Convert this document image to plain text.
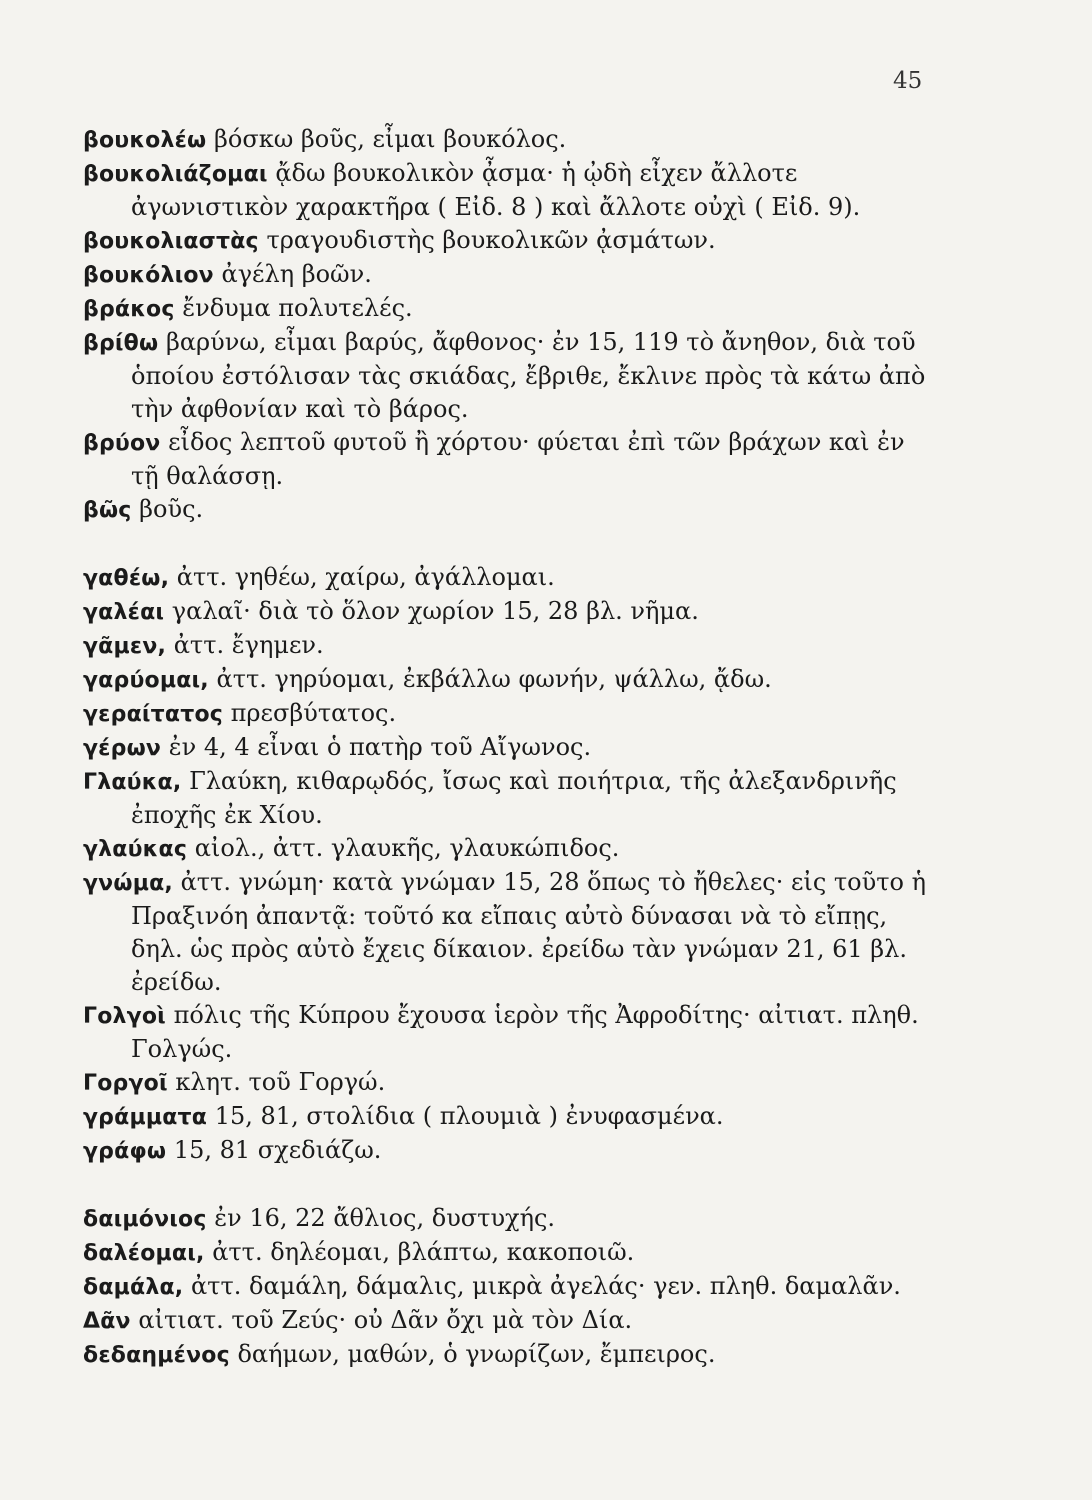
45

βουκολέω βόσκω βοῦς, εἶμαι βουκόλος.

βουκολιάζομαι ᾄδω βουκολικὸν ᾆσμα· ἡ ᾠδὴ εἶχεν ἄλλοτε ἀγωνιστικὸν χαρακτῆρα ( Εἰδ. 8 ) καὶ ἄλλοτε οὐχὶ ( Εἰδ. 9).

βουκολιαστὰς τραγουδιστὴς βουκολικῶν ᾀσμάτων.

βουκόλιον ἀγέλη βοῶν.

βράκος ἔνδυμα πολυτελές.

βρίθω βαρύνω, εἶμαι βαρύς, ἄφθονος· ἐν 15, 119 τὸ ἄνηθον, διὰ τοῦ ὁποίου ἐστόλισαν τὰς σκιάδας, ἔβριθε, ἔκλινε πρὸς τὰ κάτω ἀπὸ τὴν ἀφθονίαν καὶ τὸ βάρος.

βρύον εἶδος λεπτοῦ φυτοῦ ἢ χόρτου· φύεται ἐπὶ τῶν βράχων καὶ ἐν τῇ θαλάσσῃ.

βῶς βοῦς.

γαθέω, ἀττ. γηθέω, χαίρω, ἀγάλλομαι.

γαλέαι γαλαῖ· διὰ τὸ ὅλον χωρίον 15, 28 βλ. νῆμα.

γᾶμεν, ἀττ. ἔγημεν.

γαρύομαι, ἀττ. γηρύομαι, ἐκβάλλω φωνήν, ψάλλω, ᾄδω.

γεραίτατος πρεσβύτατος.

γέρων ἐν 4, 4 εἶναι ὁ πατὴρ τοῦ Αἴγωνος.

Γλαύκα, Γλαύκη, κιθαρῳδός, ἴσως καὶ ποιήτρια, τῆς ἀλεξανδρινῆς ἐποχῆς ἐκ Χίου.

γλαύκας αἰολ., ἀττ. γλαυκῆς, γλαυκώπιδος.

γνώμα, ἀττ. γνώμη· κατὰ γνώμαν 15, 28 ὅπως τὸ ἤθελες· εἰς τοῦτο ἡ Πραξινόη ἀπαντᾷ: τοῦτό κα εἴπαις αὐτὸ δύνασαι νὰ τὸ εἴπῃς, δηλ. ὡς πρὸς αὐτὸ ἔχεις δίκαιον. ἐρείδω τὰν γνώμαν 21, 61 βλ. ἐρείδω.

Γολγοὶ πόλις τῆς Κύπρου ἔχουσα ἱερὸν τῆς Ἀφροδίτης· αἰτιατ. πληθ. Γολγώς.

Γοργοῖ κλητ. τοῦ Γοργώ.

γράμματα 15, 81, στολίδια ( πλουμιὰ ) ἐνυφασμένα.

γράφω 15, 81 σχεδιάζω.

δαιμόνιος ἐν 16, 22 ἄθλιος, δυστυχής.

δαλέομαι, ἀττ. δηλέομαι, βλάπτω, κακοποιῶ.

δαμάλα, ἀττ. δαμάλη, δάμαλις, μικρὰ ἀγελάς· γεν. πληθ. δαμαλᾶν.

Δᾶν αἰτιατ. τοῦ Ζεύς· οὐ Δᾶν ὄχι μὰ τὸν Δία.

δεδαημένος δαήμων, μαθών, ὁ γνωρίζων, ἔμπειρος.
